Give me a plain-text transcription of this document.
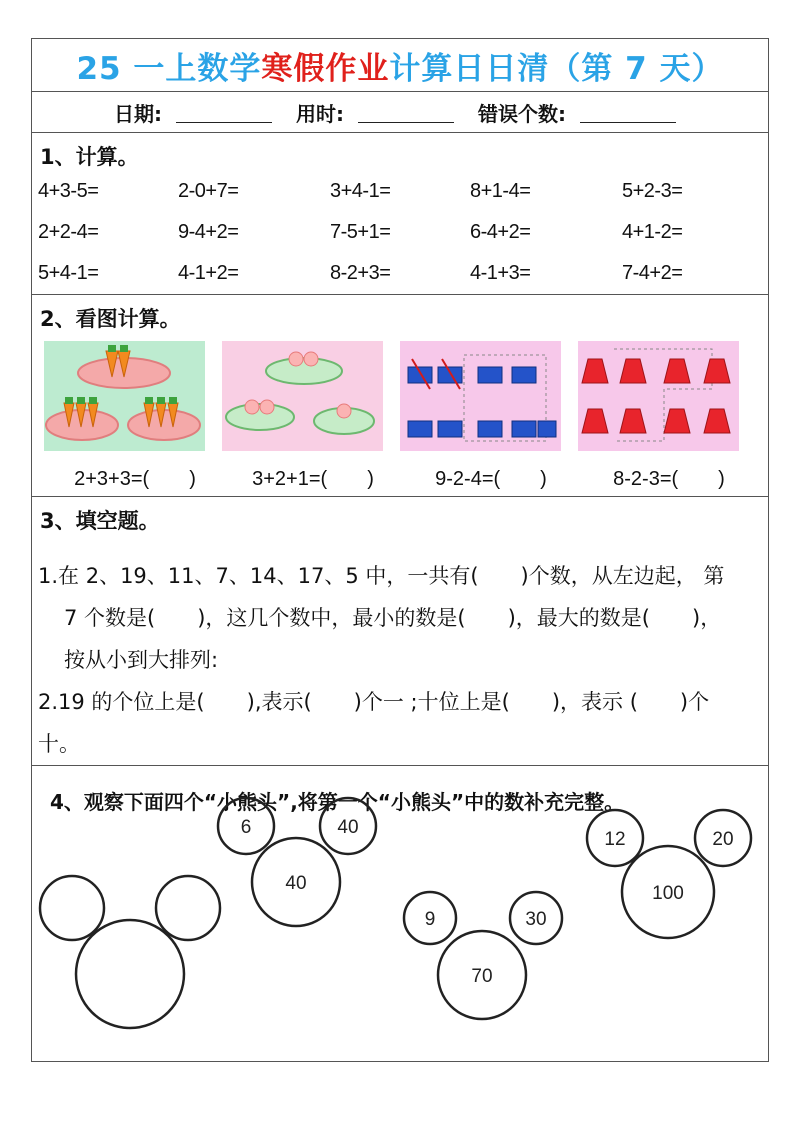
25 一上数学 寒假作业 计算日日清（第 7 天）
日期:	用时:	错误个数:
1、计算。
4+3-5=	2-0+7=	3+4-1=	8+1-4=	5+2-3=
2+2-4=	9-4+2=	7-5+1=	6-4+2=	4+1-2=
5+4-1=	4-1+2=	8-2+3=	4-1+3=	7-4+2=
2、看图计算。
2+3+3=(　　)	3+2+1=(　　)	9-2-4=(　　)	8-2-3=(　　)
3、填空题。

1.在 2、19、11、7、14、17、5 中，一共有(　　)个数，从左边起， 第

7 个数是(　　)，这几个数中，最小的数是(　　)，最大的数是(　　)，

按从小到大排列:

2.19 的个位上是(　　),表示(　　)个一 ;十位上是(　　)，表示 (　　)个

十。

4、观察下面四个“小熊头”,将第一个“小熊头”中的数补充完整。
6	40
40
9	30
70
12	20
100
